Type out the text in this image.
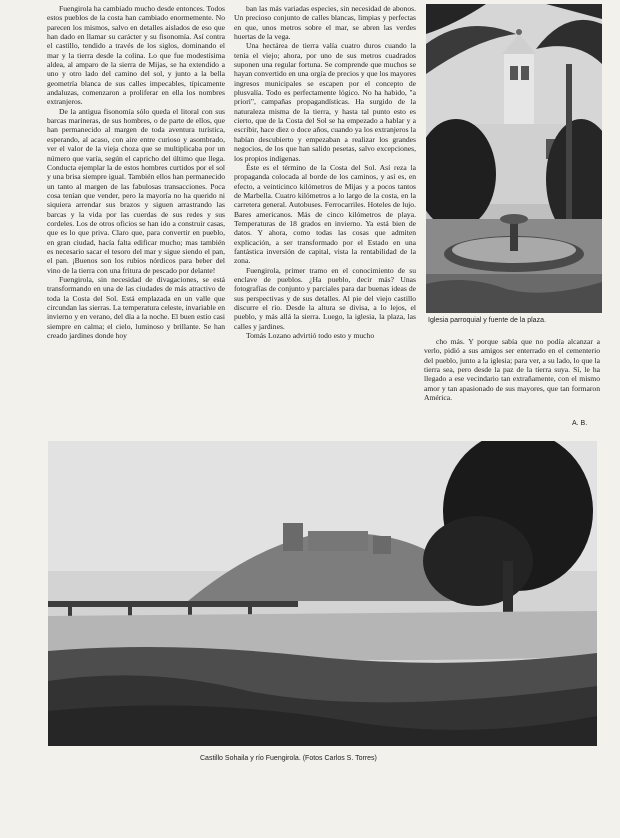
Fuengirola ha cambiado mucho desde entonces. Todos estos pueblos de la costa han cambiado enormemente. No parecen los mismos, salvo en detalles aislados de eso que han dado en llamar su carácter y su fisonomía. Así contra el castillo, tendido a través de los siglos, dominando el mar y la tierra desde la colina. Lo que fue modestísima aldea, al amparo de la sierra de Mijas, se ha extendido a uno y otro lado del camino del sol, y junto a la bella geometría blanca de sus calles impecables, típicamente andaluzas, comenzaron a proliferar en ella los nombres extranjeros.

De la antigua fisonomía sólo queda el litoral con sus barcas marineras, de sus hombres, o de parte de ellos, que han permanecido al margen de toda aventura turística, esperando, al acaso, con aire entre curioso y asombrado, ver el valor de la vieja choza que se multiplicaba por un número que varía, según el capricho del último que llega. Conducta ejemplar la de estos hombres curtidos por el sol y una brisa siempre igual. También ellos han permanecido un tanto al margen de las fabulosas transacciones. Poca cosa tenían que vender, pero la mayoría no ha querido ni siquiera arrendar sus brazos y siguen arrastrando las barcas y la vida por las cuerdas de sus redes y sus cordeles. Los de otros oficios se han ido a construir casas, que es lo que priva. Claro que, para convertir en pueblo, en gran ciudad, hacía falta edificar mucho; mas también es necesario sacar el tesoro del mar y sigue siendo el pan, el pan. ¡Buenos son los rubios nórdicos para beber del vino de la tierra con una fritura de pescado por delante!

Fuengirola, sin necesidad de divagaciones, se está transformando en una de las ciudades de más atractivo de toda la Costa del Sol. Está emplazada en un valle que circundan las sierras. La temperatura celeste, invariable en invierno y en verano, del día a la noche. El buen estío casi siempre en calma; el cielo, luminoso y brillante. Se han creado jardines donde hoy

ban las más variadas especies, sin necesidad de abonos. Un precioso conjunto de calles blancas, limpias y perfectas en que, unos metros sobre el mar, se abren las verdes huertas de la vega.

Una hectárea de tierra valía cuatro duros cuando la tenía el viejo; ahora, por uno de sus metros cuadrados suponen una regular fortuna. Se comprende que muchos se hayan convertido en una orgía de precios y que los mayores ingresos municipales se escapen por el concepto de plusvalía. Todo es perfectamente lógico. No ha habido, "a priori", campañas propagandísticas. Ha surgido de la naturaleza misma de la tierra, y hasta tal punto esto es cierto, que de la Costa del Sol se ha empezado a hablar y a escribir, hace diez o doce años, cuando ya los extranjeros la habían descubierto y empezaban a realizar los grandes negocios, de los que han salido pesetas, salvo excepciones, los propios indígenas.

Éste es el término de la Costa del Sol. Así reza la propaganda colocada al borde de los caminos, y así es, en efecto, a veinticinco kilómetros de Mijas y a pocos tantos de Marbella. Cuatro kilómetros a lo largo de la costa, en la carretera general. Autobuses. Ferrocarriles. Hoteles de lujo. Bares americanos. Más de cinco kilómetros de playa. Temperaturas de 18 grados en invierno. Ya está bien de datos. Y ahora, como todas las cosas que admiten explicación, a ser transformado por el Estado en una fantástica inversión de capital, vista la rentabilidad de la zona.

Fuengirola, primer tramo en el conocimiento de su enclave de pueblos. ¿Ha pueblo, decir más? Unas fotografías de conjunto y parciales para dar buenas ideas de sus perspectivas y de sus detalles. Al pie del viejo castillo discurre el río. Desde la altura se divisa, a lo lejos, el pueblo, y más allá la sierra. Luego, la iglesia, la plaza, las calles y jardines.

Tomás Lozano advirtió todo esto y mucho

Iglesia parroquial y fuente de la plaza.

cho más. Y porque sabía que no podía alcanzar a verlo, pidió a sus amigos ser enterrado en el cementerio del pueblo, junto a la iglesia; para ver, a su lado, lo que la tierra sea, pero desde la paz de la tierra suya. Sí, le ha llegado a ese vecindario tan extrañamente, con el mismo amor y tan apasionado de sus mayores, que tan formaron América.

A. B.
Castillo Sohaila y río Fuengirola. (Fotos Carlos S. Torres)
